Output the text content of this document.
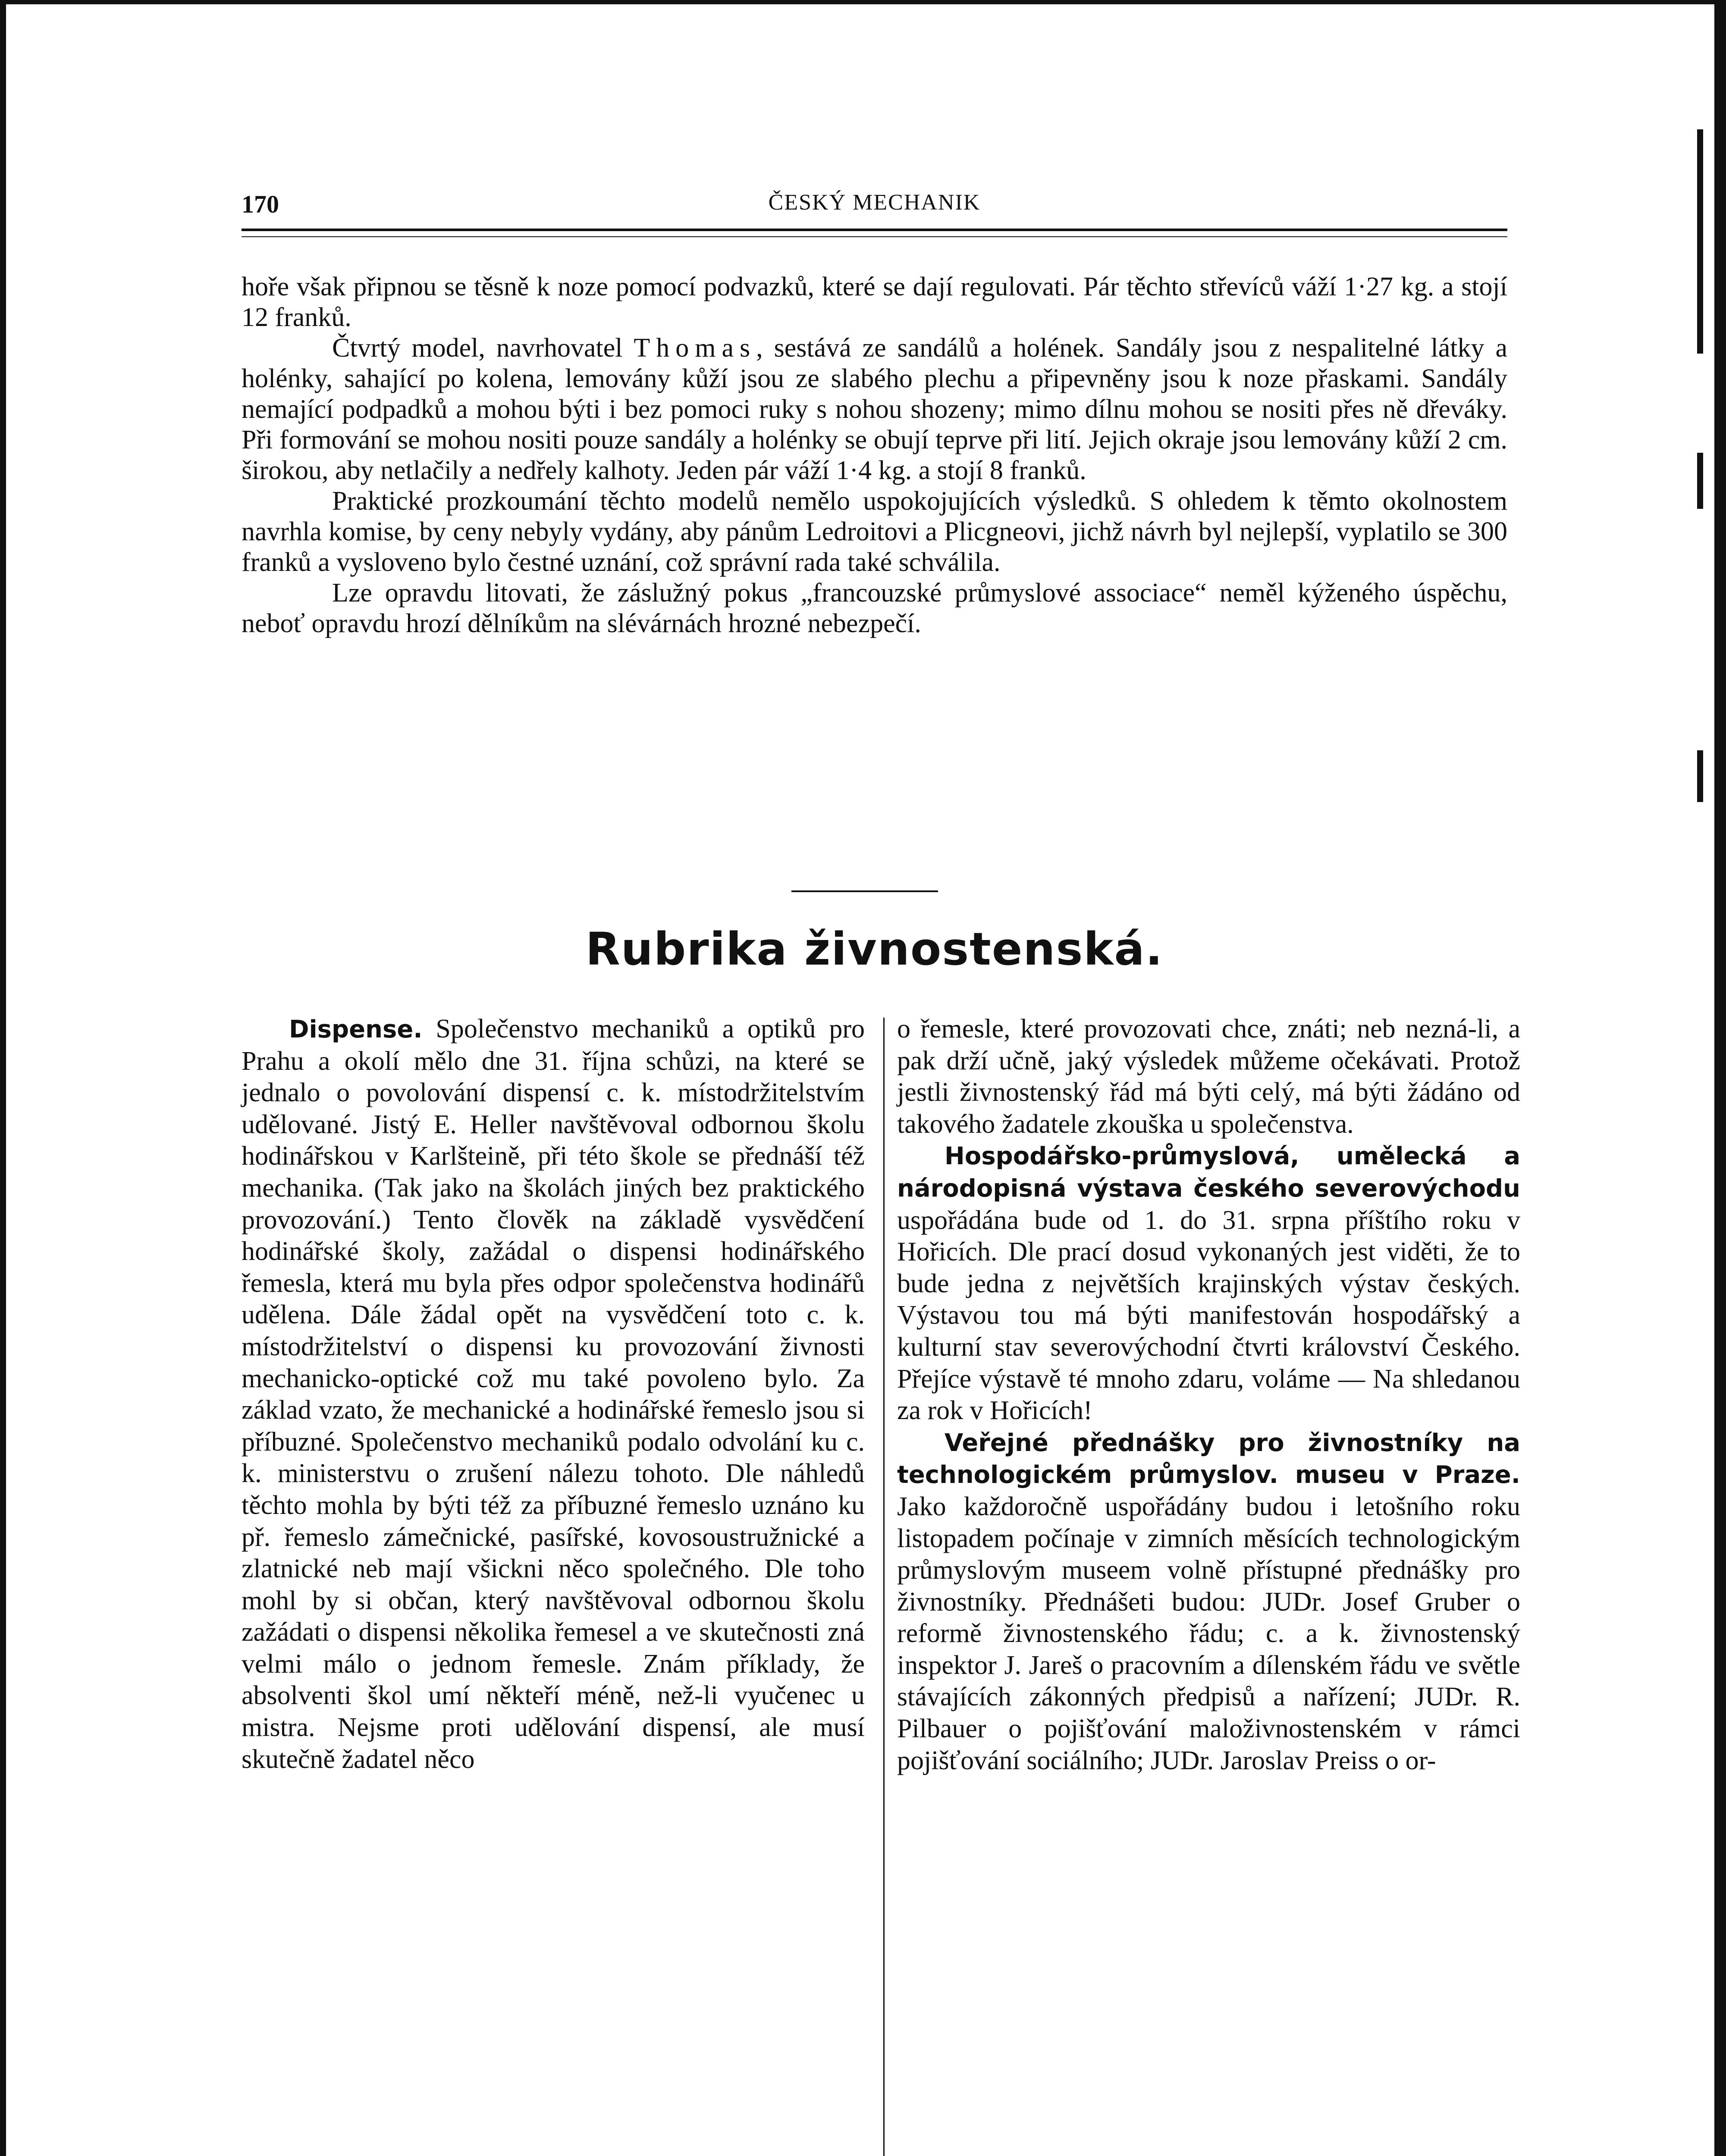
170	ČESKÝ MECHANIK

hoře však připnou se těsně k noze pomocí podvazků, které se dají regulovati. Pár těchto střevíců váží 1·27 kg. a stojí 12 franků.

Čtvrtý model, navrhovatel Thomas, sestává ze sandálů a holének. Sandály jsou z nespalitelné látky a holénky, sahající po kolena, lemovány kůží jsou ze slabého plechu a připevněny jsou k noze přaskami. Sandály nemající podpadků a mohou býti i bez pomoci ruky s nohou shozeny; mimo dílnu mohou se nositi přes ně dřeváky. Při formování se mohou nositi pouze sandály a holénky se obují teprve při lití. Jejich okraje jsou lemovány kůží 2 cm. širokou, aby netlačily a nedřely kalhoty. Jeden pár váží 1·4 kg. a stojí 8 franků.

Praktické prozkoumání těchto modelů nemělo uspokojujících výsledků. S ohledem k těmto okolnostem navrhla komise, by ceny nebyly vydány, aby pánům Ledroitovi a Plicgneovi, jichž návrh byl nejlepší, vyplatilo se 300 franků a vysloveno bylo čestné uznání, což správní rada také schválila.

Lze opravdu litovati, že záslužný pokus „francouzské průmyslové associace“ neměl kýženého úspěchu, neboť opravdu hrozí dělníkům na slévárnách hrozné nebezpečí.

Rubrika živnostenská.

Dispense. Společenstvo mechaniků a optiků pro Prahu a okolí mělo dne 31. října schůzi, na které se jednalo o povolování dispensí c. k. místodržitelstvím udělované. Jistý E. Heller navštěvoval odbornou školu hodinářskou v Karlšteině, při této škole se přednáší též mechanika. (Tak jako na školách jiných bez praktického provozování.) Tento člověk na základě vysvědčení hodinářské školy, zažádal o dispensi hodinářského řemesla, která mu byla přes odpor společenstva hodinářů udělena. Dále žádal opět na vysvědčení toto c. k. místodržitelství o dispensi ku provozování živnosti mechanicko-optické což mu také povoleno bylo. Za základ vzato, že mechanické a hodinářské řemeslo jsou si příbuzné. Společenstvo mechaniků podalo odvolání ku c. k. ministerstvu o zrušení nálezu tohoto. Dle náhledů těchto mohla by býti též za příbuzné řemeslo uznáno ku př. řemeslo zámečnické, pasířské, kovosoustružnické a zlatnické neb mají všickni něco společného. Dle toho mohl by si občan, který navštěvoval odbornou školu zažádati o dispensi několika řemesel a ve skutečnosti zná velmi málo o jednom řemesle. Znám příklady, že absolventi škol umí někteří méně, než-li vyučenec u mistra. Nejsme proti udělování dispensí, ale musí skutečně žadatel něco

o řemesle, které provozovati chce, znáti; neb nezná-li, a pak drží učně, jaký výsledek můžeme očekávati. Protož jestli živnostenský řád má býti celý, má býti žádáno od takového žadatele zkouška u společenstva.

Hospodářsko-průmyslová, umělecká a národopisná výstava českého severovýchodu uspořádána bude od 1. do 31. srpna příštího roku v Hořicích. Dle prací dosud vykonaných jest viděti, že to bude jedna z největších krajinských výstav českých. Výstavou tou má býti manifestován hospodářský a kulturní stav severovýchodní čtvrti království Českého. Přejíce výstavě té mnoho zdaru, voláme — Na shledanou za rok v Hořicích!

Veřejné přednášky pro živnostníky na technologickém průmyslov. museu v Praze. Jako každoročně uspořádány budou i letošního roku listopadem počínaje v zimních měsících technologickým průmyslovým museem volně přístupné přednášky pro živnostníky. Přednášeti budou: JUDr. Josef Gruber o reformě živnostenského řádu; c. a k. živnostenský inspektor J. Jareš o pracovním a dílenském řádu ve světle stávajících zákonných předpisů a nařízení; JUDr. R. Pilbauer o pojišťování maloživnostenském v rámci pojišťování sociálního; JUDr. Jaroslav Preiss o or-
